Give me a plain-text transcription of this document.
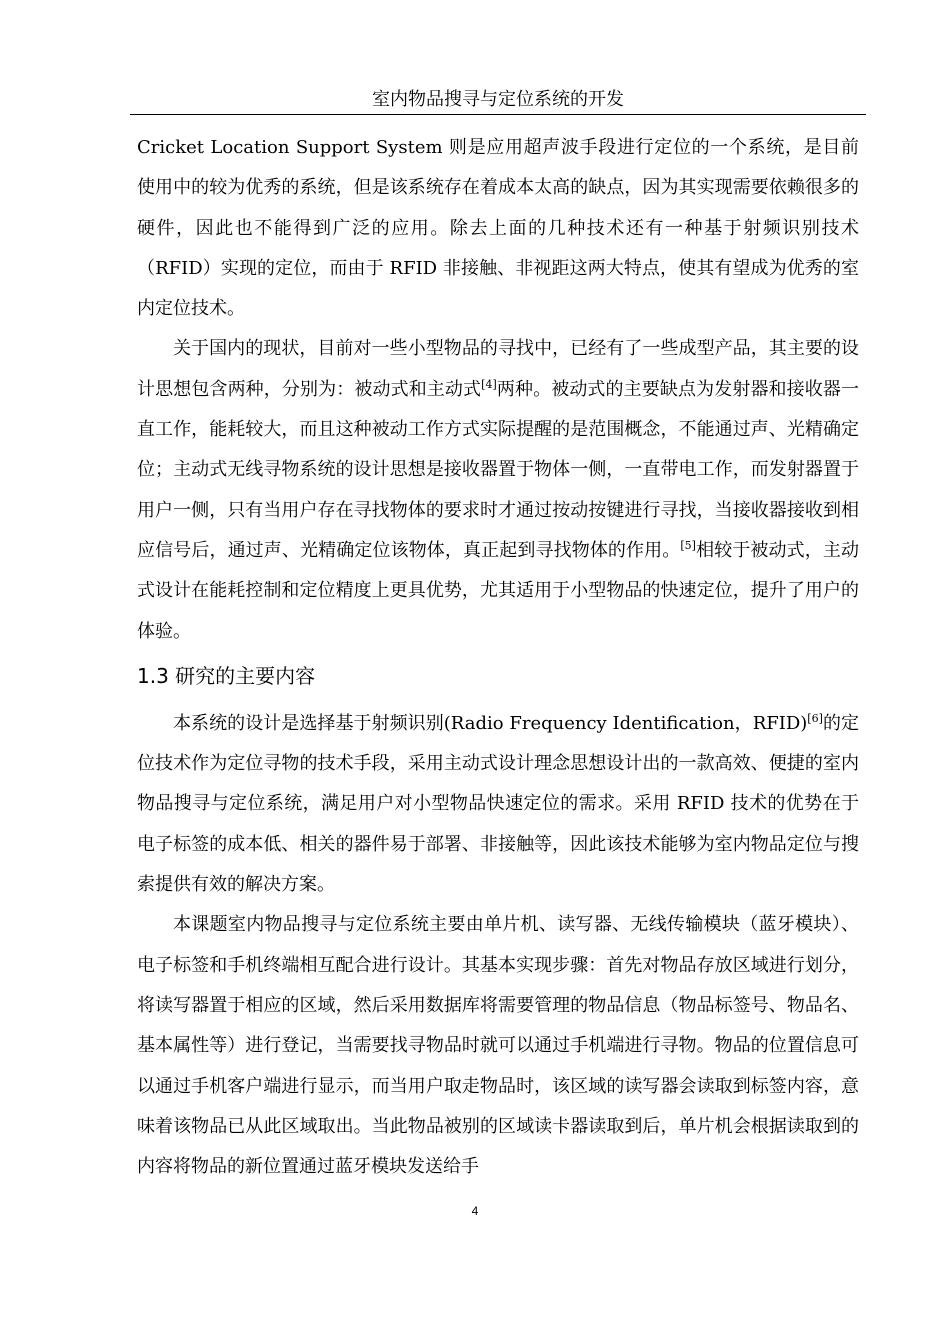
室内物品搜寻与定位系统的开发

Cricket Location Support System 则是应用超声波手段进行定位的一个系统，是目前使用中的较为优秀的系统，但是该系统存在着成本太高的缺点，因为其实现需要依赖很多的硬件，因此也不能得到广泛的应用。除去上面的几种技术还有一种基于射频识别技术（RFID）实现的定位，而由于 RFID 非接触、非视距这两大特点，使其有望成为优秀的室内定位技术。

关于国内的现状，目前对一些小型物品的寻找中，已经有了一些成型产品，其主要的设计思想包含两种，分别为：被动式和主动式[4]两种。被动式的主要缺点为发射器和接收器一直工作，能耗较大，而且这种被动工作方式实际提醒的是范围概念，不能通过声、光精确定位；主动式无线寻物系统的设计思想是接收器置于物体一侧，一直带电工作，而发射器置于用户一侧，只有当用户存在寻找物体的要求时才通过按动按键进行寻找，当接收器接收到相应信号后，通过声、光精确定位该物体，真正起到寻找物体的作用。[5]相较于被动式，主动式设计在能耗控制和定位精度上更具优势，尤其适用于小型物品的快速定位，提升了用户的体验。

1.3 研究的主要内容

本系统的设计是选择基于射频识别(Radio Frequency Identification，RFID)[6]的定位技术作为定位寻物的技术手段，采用主动式设计理念思想设计出的一款高效、便捷的室内物品搜寻与定位系统，满足用户对小型物品快速定位的需求。采用 RFID 技术的优势在于电子标签的成本低、相关的器件易于部署、非接触等，因此该技术能够为室内物品定位与搜索提供有效的解决方案。

本课题室内物品搜寻与定位系统主要由单片机、读写器、无线传输模块（蓝牙模块）、电子标签和手机终端相互配合进行设计。其基本实现步骤：首先对物品存放区域进行划分，将读写器置于相应的区域，然后采用数据库将需要管理的物品信息（物品标签号、物品名、基本属性等）进行登记，当需要找寻物品时就可以通过手机端进行寻物。物品的位置信息可以通过手机客户端进行显示，而当用户取走物品时，该区域的读写器会读取到标签内容，意味着该物品已从此区域取出。当此物品被别的区域读卡器读取到后，单片机会根据读取到的内容将物品的新位置通过蓝牙模块发送给手

4
